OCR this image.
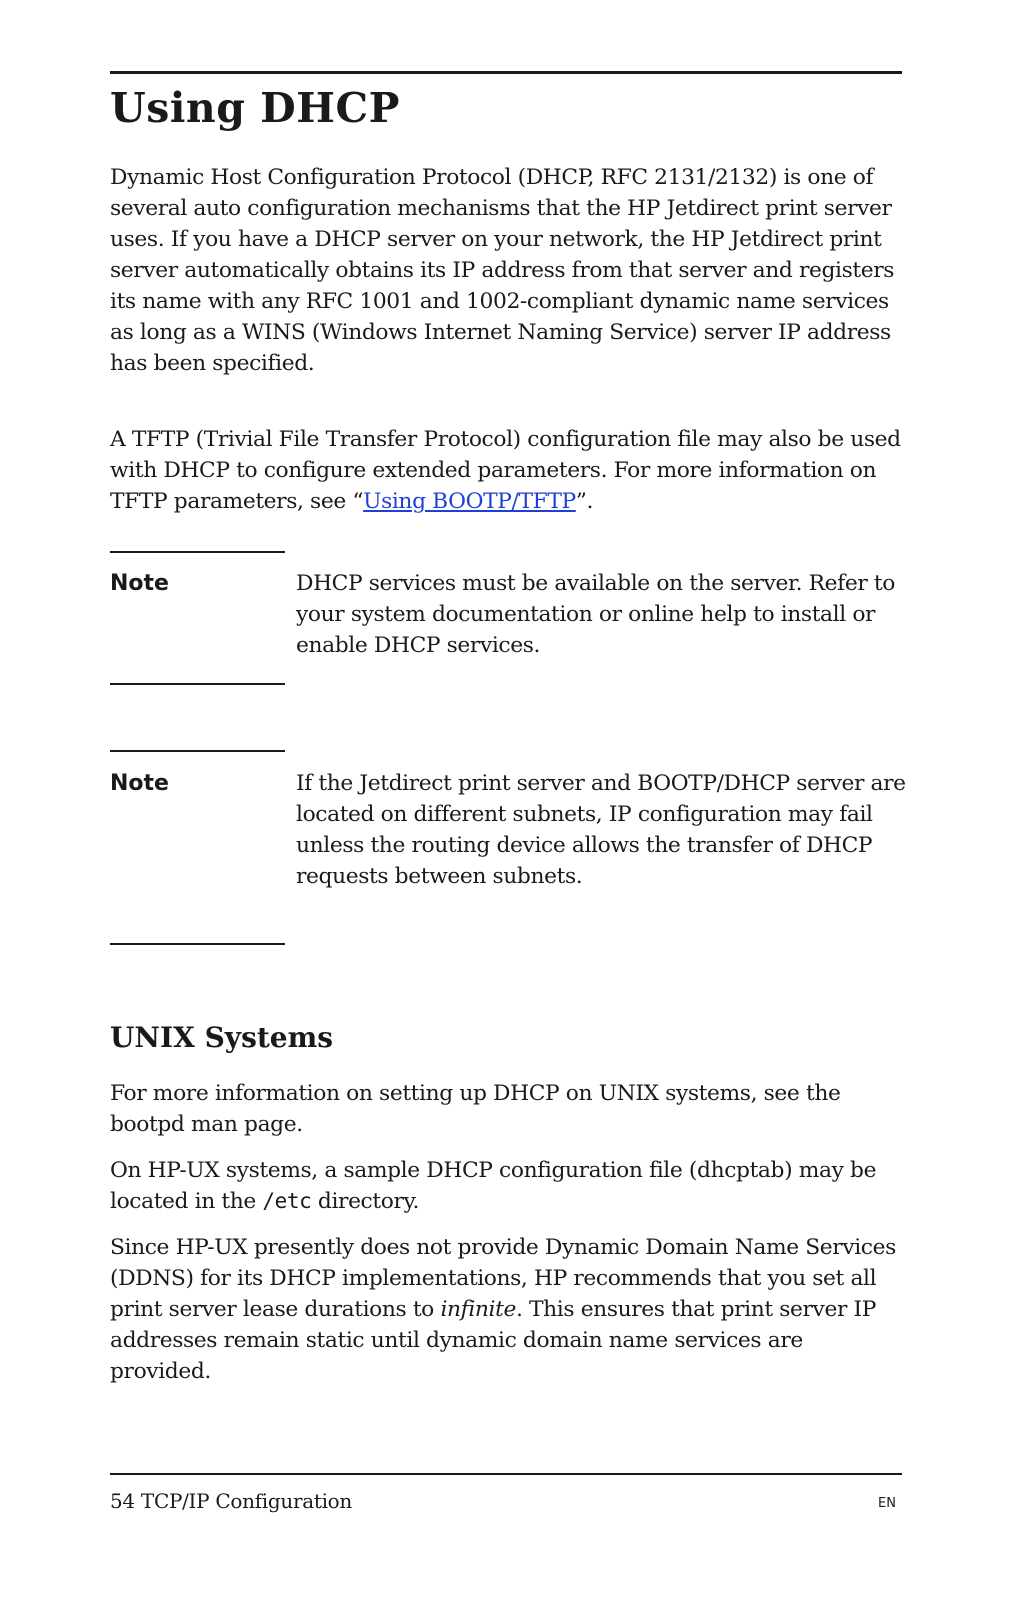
Using DHCP

Dynamic Host Configuration Protocol (DHCP, RFC 2131/2132) is one of several auto configuration mechanisms that the HP Jetdirect print server uses. If you have a DHCP server on your network, the HP Jetdirect print server automatically obtains its IP address from that server and registers its name with any RFC 1001 and 1002-compliant dynamic name services as long as a WINS (Windows Internet Naming Service) server IP address has been specified.

A TFTP (Trivial File Transfer Protocol) configuration file may also be used with DHCP to configure extended parameters. For more information on TFTP parameters, see “Using BOOTP/TFTP”.

Note	DHCP services must be available on the server. Refer to your system documentation or online help to install or enable DHCP services.

Note	If the Jetdirect print server and BOOTP/DHCP server are located on different subnets, IP configuration may fail unless the routing device allows the transfer of DHCP requests between subnets.

UNIX Systems

For more information on setting up DHCP on UNIX systems, see the bootpd man page.

On HP-UX systems, a sample DHCP configuration file (dhcptab) may be located in the /etc directory.

Since HP-UX presently does not provide Dynamic Domain Name Services (DDNS) for its DHCP implementations, HP recommends that you set all print server lease durations to infinite. This ensures that print server IP addresses remain static until dynamic domain name services are provided.

54 TCP/IP Configuration	EN
